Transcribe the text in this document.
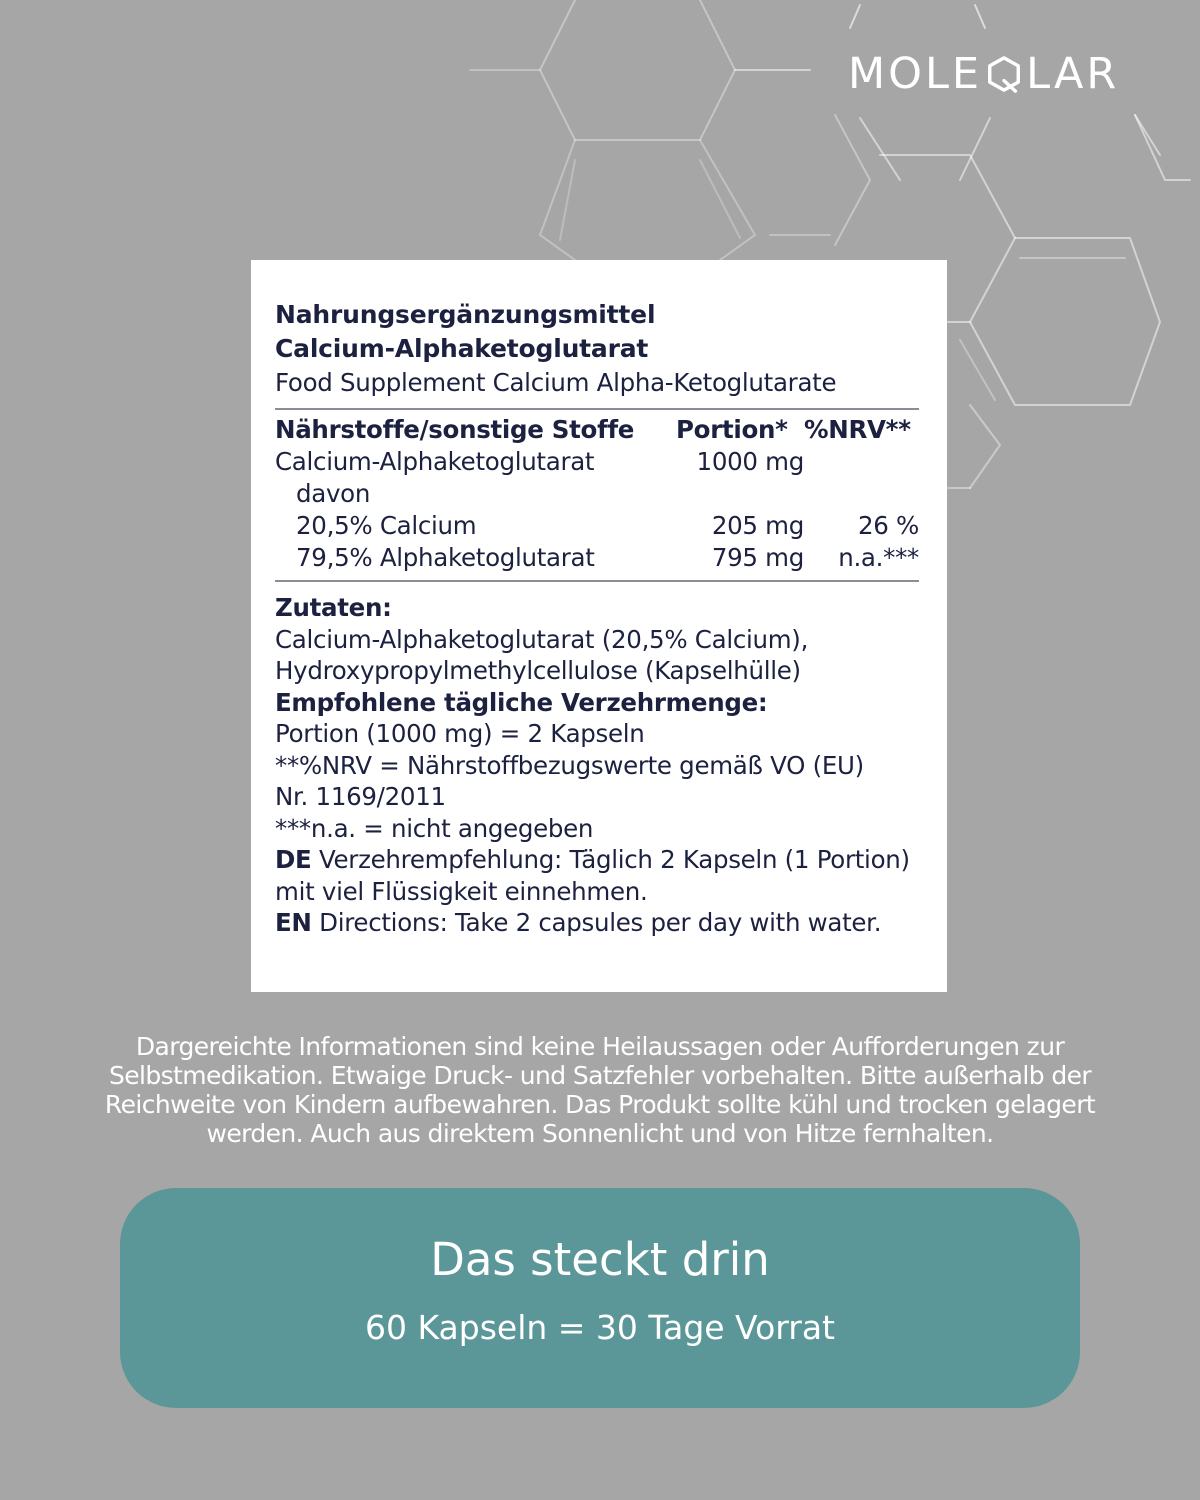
MOLE LAR
Nahrungsergänzungsmittel
Calcium-Alphaketoglutarat
Food Supplement Calcium Alpha-Ketoglutarate
Nährstoffe/sonstige Stoffe	Portion*	%NRV**
Calcium-Alphaketoglutarat	1000 mg	
davon		
20,5% Calcium	205 mg	26 %
79,5% Alphaketoglutarat	795 mg	n.a.***
Zutaten:
Calcium-Alphaketoglutarat (20,5% Calcium),
Hydroxypropylmethylcellulose (Kapselhülle)
Empfohlene tägliche Verzehrmenge:
Portion (1000 mg) = 2 Kapseln
**%NRV = Nährstoffbezugswerte gemäß VO (EU)
Nr. 1169/2011
***n.a. = nicht angegeben
DE Verzehrempfehlung: Täglich 2 Kapseln (1 Portion)
mit viel Flüssigkeit einnehmen.
EN Directions: Take 2 capsules per day with water.
Dargereichte Informationen sind keine Heilaussagen oder Aufforderungen zur
Selbstmedikation. Etwaige Druck- und Satzfehler vorbehalten. Bitte außerhalb der
Reichweite von Kindern aufbewahren. Das Produkt sollte kühl und trocken gelagert
werden. Auch aus direktem Sonnenlicht und von Hitze fernhalten.
Das steckt drin
60 Kapseln = 30 Tage Vorrat
